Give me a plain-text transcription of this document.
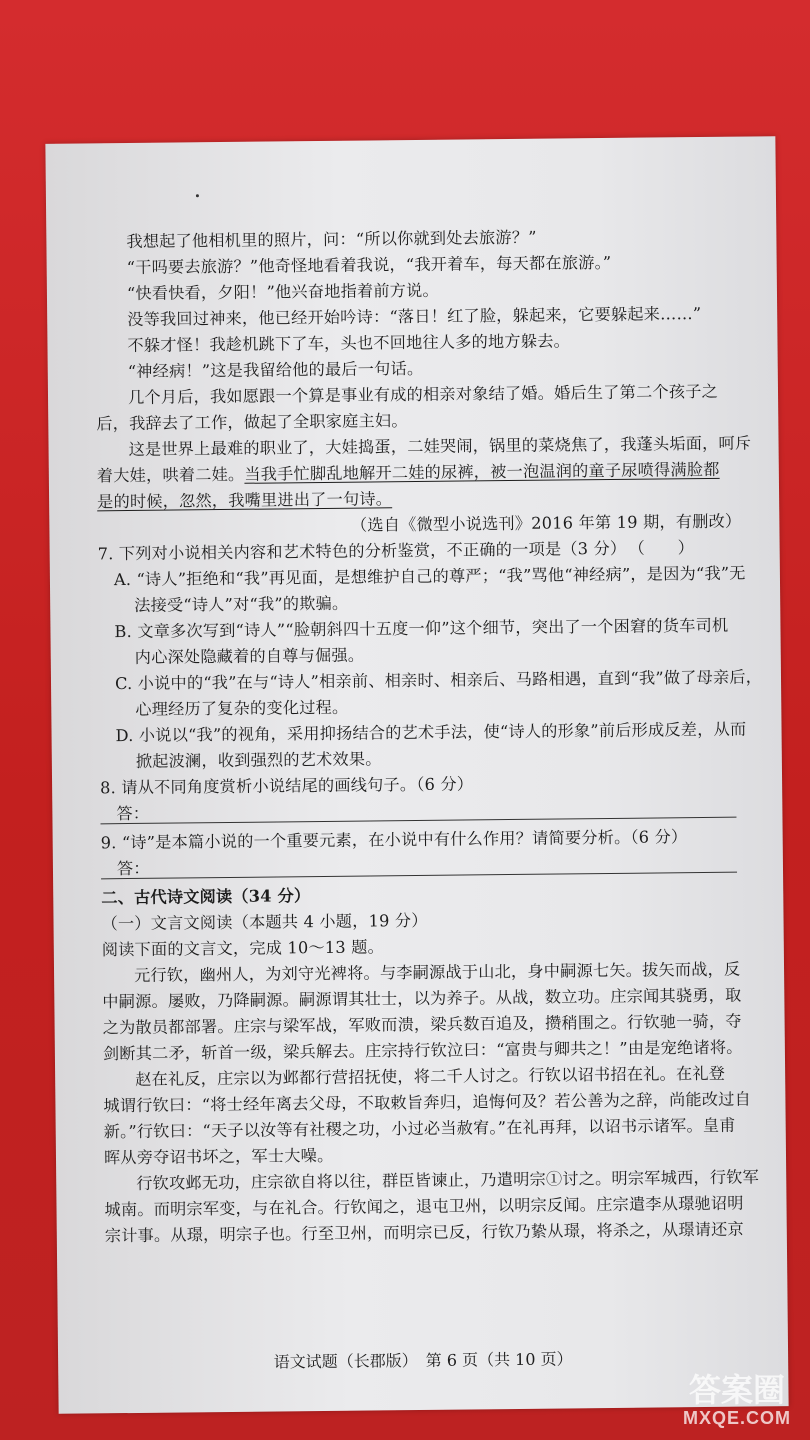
我想起了他相机里的照片，问：“所以你就到处去旅游？”

“干吗要去旅游？”他奇怪地看着我说，“我开着车，每天都在旅游。”

“快看快看，夕阳！”他兴奋地指着前方说。

没等我回过神来，他已经开始吟诗：“落日！红了脸，躲起来，它要躲起来……”

不躲才怪！我趁机跳下了车，头也不回地往人多的地方躲去。

“神经病！”这是我留给他的最后一句话。

几个月后，我如愿跟一个算是事业有成的相亲对象结了婚。婚后生了第二个孩子之

后，我辞去了工作，做起了全职家庭主妇。

这是世界上最难的职业了，大娃捣蛋，二娃哭闹，锅里的菜烧焦了，我蓬头垢面，呵斥

着大娃，哄着二娃。当我手忙脚乱地解开二娃的尿裤，被一泡温润的童子尿喷得满脸都

是的时候，忽然，我嘴里进出了一句诗。

（选自《微型小说选刊》2016 年第 19 期，有删改）

7. 下列对小说相关内容和艺术特色的分析鉴赏，不正确的一项是（3 分） （　　）

A. “诗人”拒绝和“我”再见面，是想维护自己的尊严；“我”骂他“神经病”，是因为“我”无

法接受“诗人”对“我”的欺骗。

B. 文章多次写到“诗人”“脸朝斜四十五度一仰”这个细节，突出了一个困窘的货车司机

内心深处隐藏着的自尊与倔强。

C. 小说中的“我”在与“诗人”相亲前、相亲时、相亲后、马路相遇，直到“我”做了母亲后，

心理经历了复杂的变化过程。

D. 小说以“我”的视角，采用抑扬结合的艺术手法，使“诗人的形象”前后形成反差，从而

掀起波澜，收到强烈的艺术效果。

8. 请从不同角度赏析小说结尾的画线句子。（6 分）

答：

9. “诗”是本篇小说的一个重要元素，在小说中有什么作用？请简要分析。（6 分）

答：

二、古代诗文阅读（34 分）

（一）文言文阅读（本题共 4 小题，19 分）

阅读下面的文言文，完成 10～13 题。

元行钦，幽州人，为刘守光裨将。与李嗣源战于山北，身中嗣源七矢。拔矢而战，反

中嗣源。屡败，乃降嗣源。嗣源谓其壮士，以为养子。从战，数立功。庄宗闻其骁勇，取

之为散员都部署。庄宗与梁军战，军败而溃，梁兵数百追及，攒稍围之。行钦驰一骑，夺

剑断其二矛，斩首一级，梁兵解去。庄宗持行钦泣曰：“富贵与卿共之！”由是宠绝诸将。

赵在礼反，庄宗以为邺都行营招抚使，将二千人讨之。行钦以诏书招在礼。在礼登

城谓行钦曰：“将士经年离去父母，不取敕旨奔归，追悔何及？若公善为之辞，尚能改过自

新。”行钦曰：“天子以汝等有社稷之功，小过必当赦宥。”在礼再拜，以诏书示诸军。皇甫

晖从旁夺诏书坏之，军士大噪。

行钦攻邺无功，庄宗欲自将以往，群臣皆谏止，乃遣明宗①讨之。明宗军城西，行钦军

城南。而明宗军变，与在礼合。行钦闻之，退屯卫州，以明宗反闻。庄宗遣李从璟驰诏明

宗计事。从璟，明宗子也。行至卫州，而明宗已反，行钦乃絷从璟，将杀之，从璟请还京

语文试题（长郡版）　第 6 页（共 10 页）
答案圈
MXQE.COM
